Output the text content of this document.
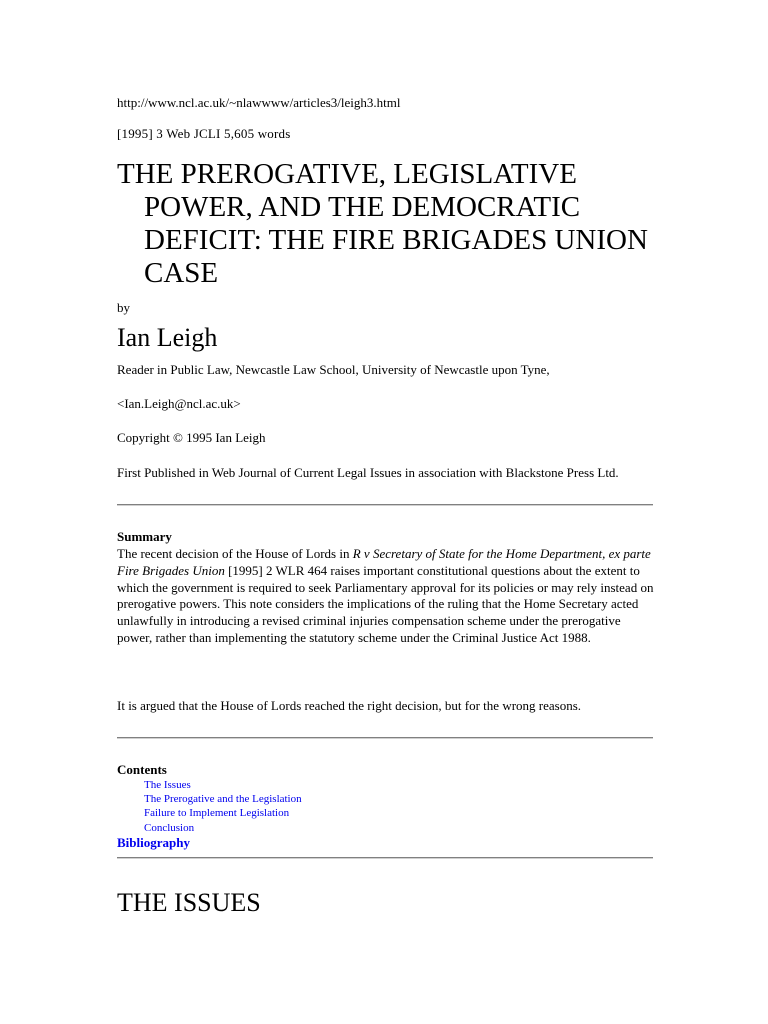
http://www.ncl.ac.uk/~nlawwww/articles3/leigh3.html
[1995] 3 Web JCLI 5,605 words
THE PREROGATIVE, LEGISLATIVE POWER, AND THE DEMOCRATIC DEFICIT: THE FIRE BRIGADES UNION CASE
by
Ian Leigh
Reader in Public Law, Newcastle Law School, University of Newcastle upon Tyne,
<Ian.Leigh@ncl.ac.uk>
Copyright © 1995 Ian Leigh
First Published in Web Journal of Current Legal Issues in association with Blackstone Press Ltd.
Summary
The recent decision of the House of Lords in R v Secretary of State for the Home Department, ex parte Fire Brigades Union [1995] 2 WLR 464 raises important constitutional questions about the extent to which the government is required to seek Parliamentary approval for its policies or may rely instead on prerogative powers. This note considers the implications of the ruling that the Home Secretary acted unlawfully in introducing a revised criminal injuries compensation scheme under the prerogative power, rather than implementing the statutory scheme under the Criminal Justice Act 1988.
It is argued that the House of Lords reached the right decision, but for the wrong reasons.
Contents
The Issues
The Prerogative and the Legislation
Failure to Implement Legislation
Conclusion
Bibliography
THE ISSUES
